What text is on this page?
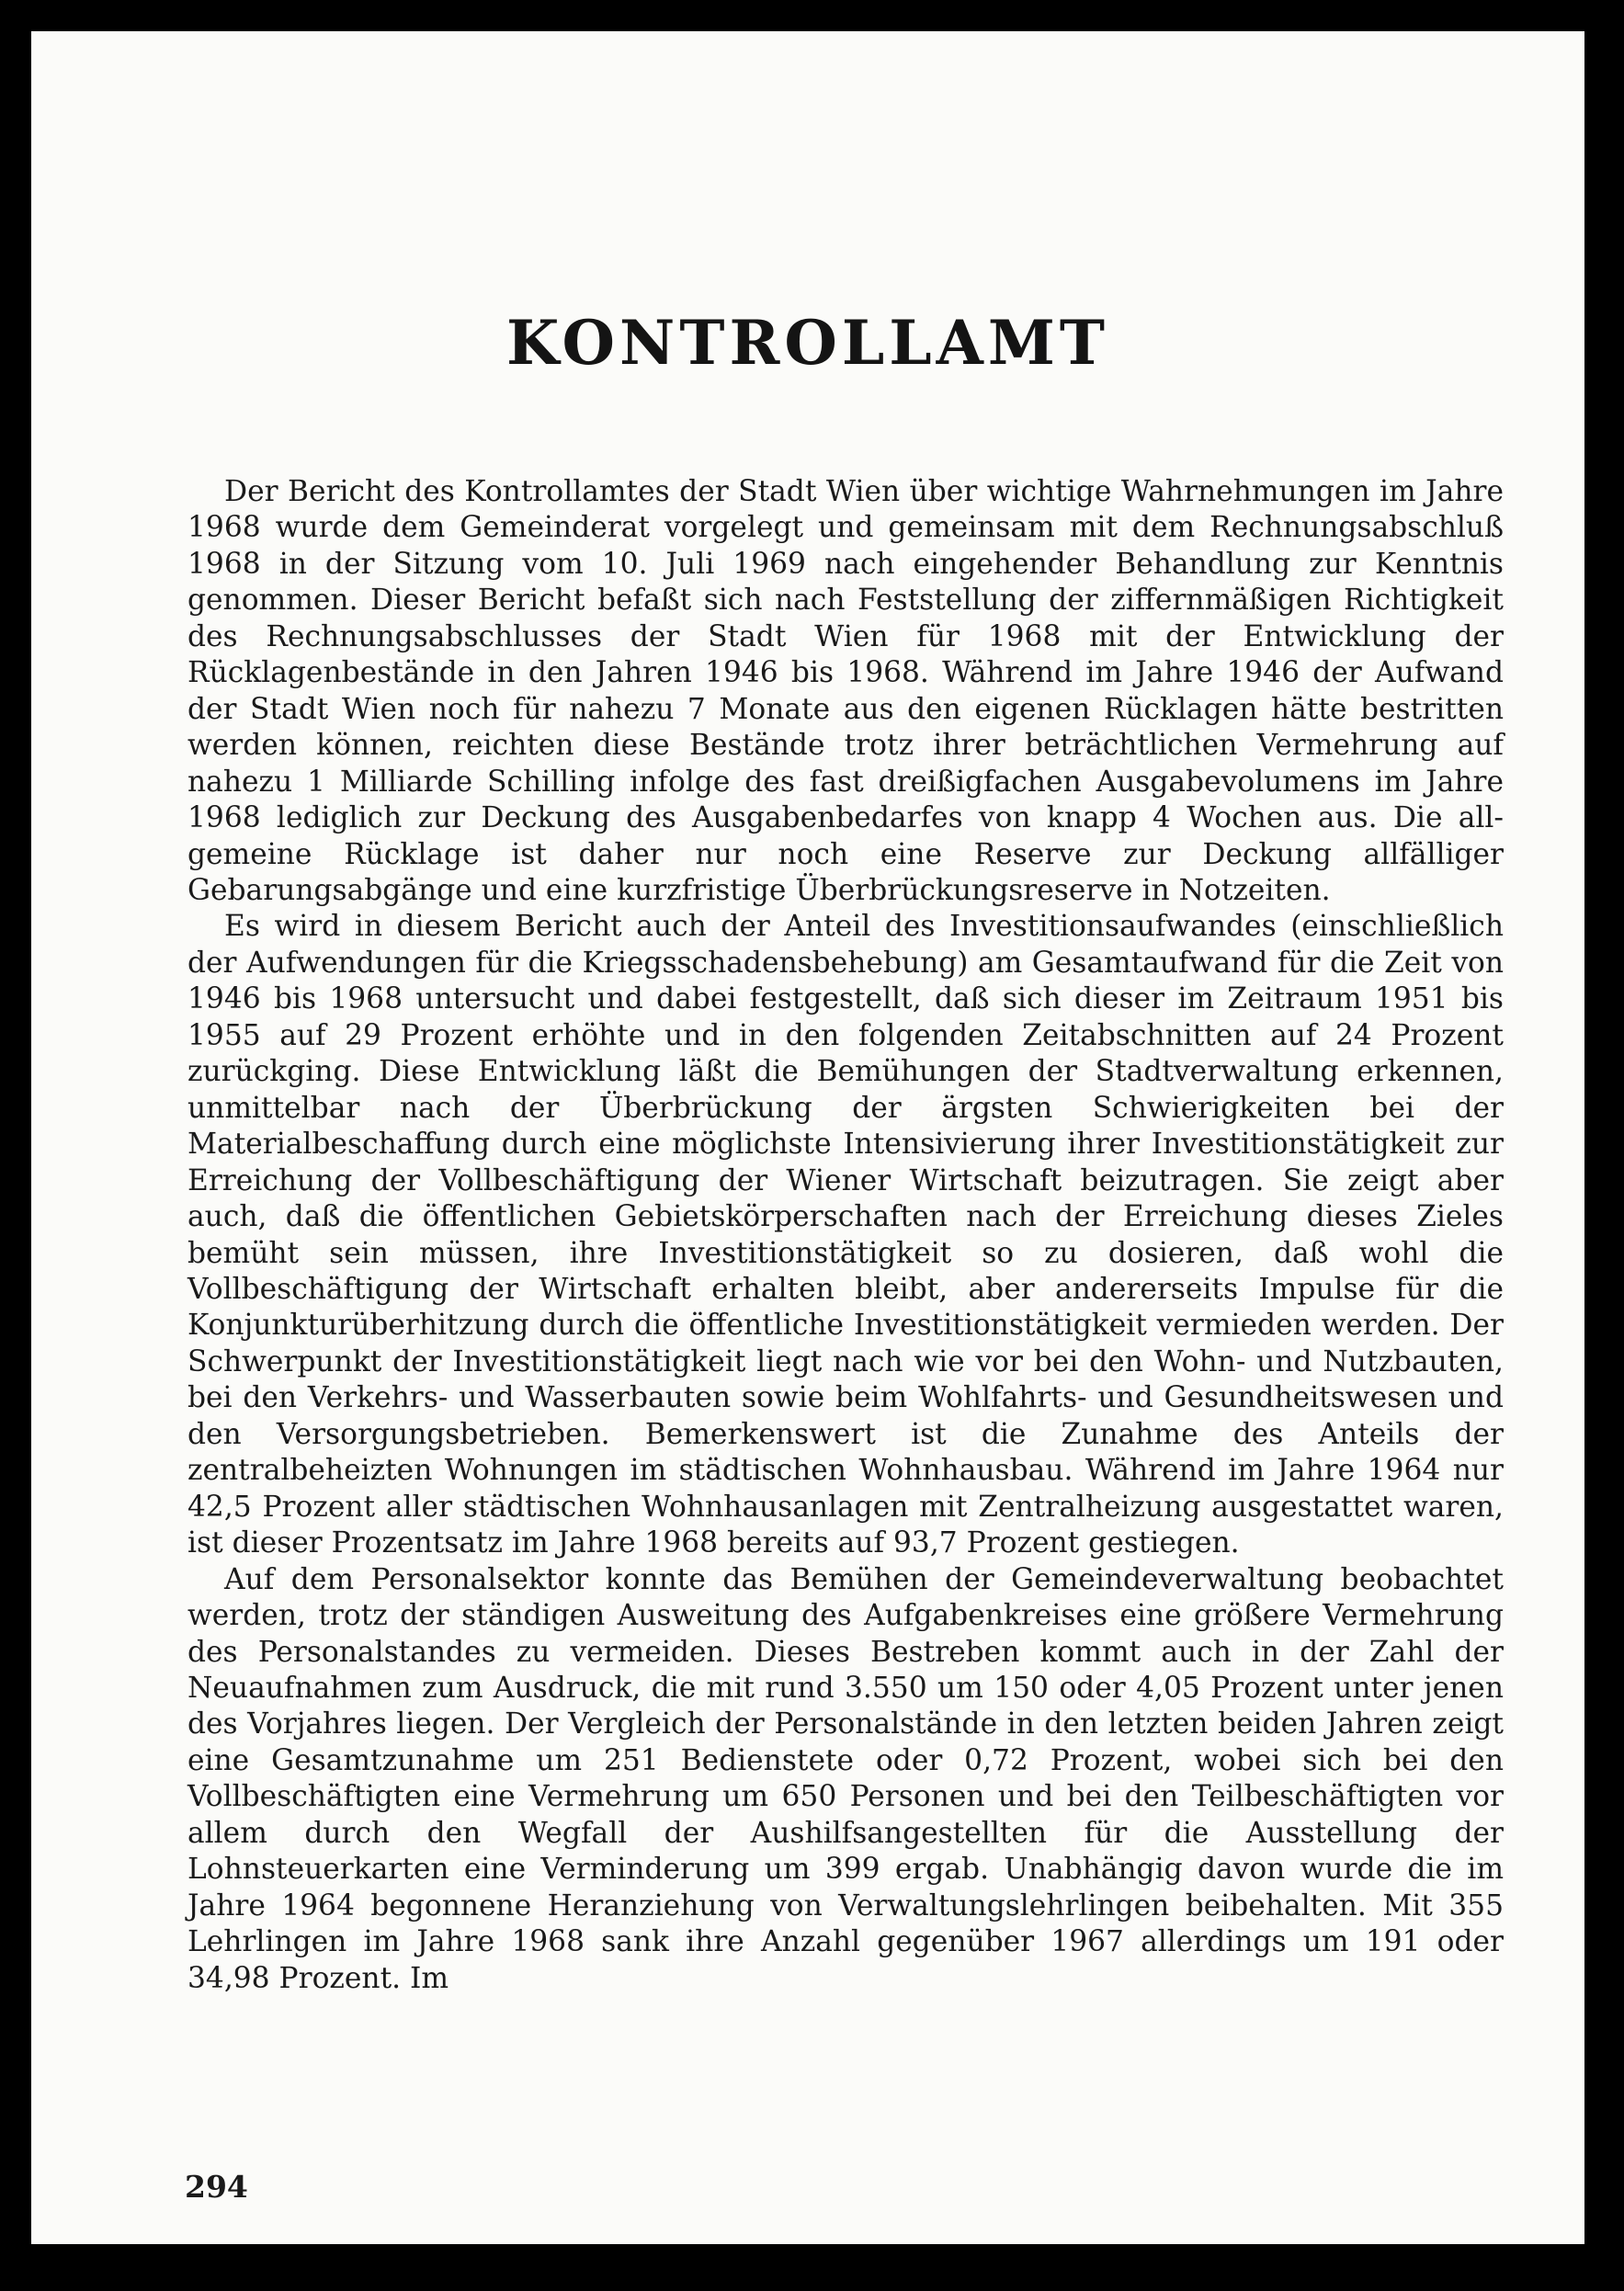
KONTROLLAMT

Der Bericht des Kontrollamtes der Stadt Wien über wichtige Wahrnehmungen im Jahre 1968 wurde dem Gemeinderat vorgelegt und gemeinsam mit dem Rechnungsabschluß 1968 in der Sitzung vom 10. Juli 1969 nach eingehender Behandlung zur Kenntnis genommen. Dieser Bericht befaßt sich nach Feststellung der ziffernmäßigen Richtigkeit des Rechnungsabschlusses der Stadt Wien für 1968 mit der Entwicklung der Rücklagenbestände in den Jahren 1946 bis 1968. Während im Jahre 1946 der Aufwand der Stadt Wien noch für nahezu 7 Monate aus den eigenen Rücklagen hätte bestritten werden können, reichten diese Bestände trotz ihrer beträchtlichen Vermehrung auf nahezu 1 Milliarde Schilling infolge des fast dreißigfachen Ausgabevolumens im Jahre 1968 lediglich zur Deckung des Ausgabenbedarfes von knapp 4 Wochen aus. Die allgemeine Rücklage ist daher nur noch eine Reserve zur Deckung allfälliger Gebarungsabgänge und eine kurzfristige Überbrückungsreserve in Notzeiten.

Es wird in diesem Bericht auch der Anteil des Investitionsaufwandes (einschließlich der Aufwendungen für die Kriegsschadensbehebung) am Gesamtaufwand für die Zeit von 1946 bis 1968 untersucht und dabei festgestellt, daß sich dieser im Zeitraum 1951 bis 1955 auf 29 Prozent erhöhte und in den folgenden Zeitabschnitten auf 24 Prozent zurückging. Diese Entwicklung läßt die Bemühungen der Stadtverwaltung erkennen, unmittelbar nach der Überbrückung der ärgsten Schwierigkeiten bei der Materialbeschaffung durch eine möglichste Intensivierung ihrer Investitionstätigkeit zur Erreichung der Vollbeschäftigung der Wiener Wirtschaft beizutragen. Sie zeigt aber auch, daß die öffentlichen Gebietskörperschaften nach der Erreichung dieses Zieles bemüht sein müssen, ihre Investitionstätigkeit so zu dosieren, daß wohl die Vollbeschäftigung der Wirtschaft erhalten bleibt, aber andererseits Impulse für die Konjunkturüberhitzung durch die öffentliche Investitionstätigkeit vermieden werden. Der Schwerpunkt der Investitionstätigkeit liegt nach wie vor bei den Wohn- und Nutzbauten, bei den Verkehrs- und Wasserbauten sowie beim Wohlfahrts- und Gesundheitswesen und den Versorgungsbetrieben. Bemerkenswert ist die Zunahme des Anteils der zentralbeheizten Wohnungen im städtischen Wohnhausbau. Während im Jahre 1964 nur 42,5 Prozent aller städtischen Wohnhausanlagen mit Zentralheizung ausgestattet waren, ist dieser Prozentsatz im Jahre 1968 bereits auf 93,7 Prozent gestiegen.

Auf dem Personalsektor konnte das Bemühen der Gemeindeverwaltung beobachtet werden, trotz der ständigen Ausweitung des Aufgabenkreises eine größere Vermehrung des Personalstandes zu vermeiden. Dieses Bestreben kommt auch in der Zahl der Neuaufnahmen zum Ausdruck, die mit rund 3.550 um 150 oder 4,05 Prozent unter jenen des Vorjahres liegen. Der Vergleich der Personalstände in den letzten beiden Jahren zeigt eine Gesamtzunahme um 251 Bedienstete oder 0,72 Prozent, wobei sich bei den Vollbeschäftigten eine Vermehrung um 650 Personen und bei den Teilbeschäftigten vor allem durch den Wegfall der Aushilfsangestellten für die Ausstellung der Lohnsteuerkarten eine Verminderung um 399 ergab. Unabhängig davon wurde die im Jahre 1964 begonnene Heranziehung von Verwaltungslehrlingen beibehalten. Mit 355 Lehrlingen im Jahre 1968 sank ihre Anzahl gegenüber 1967 allerdings um 191 oder 34,98 Prozent. Im

294
